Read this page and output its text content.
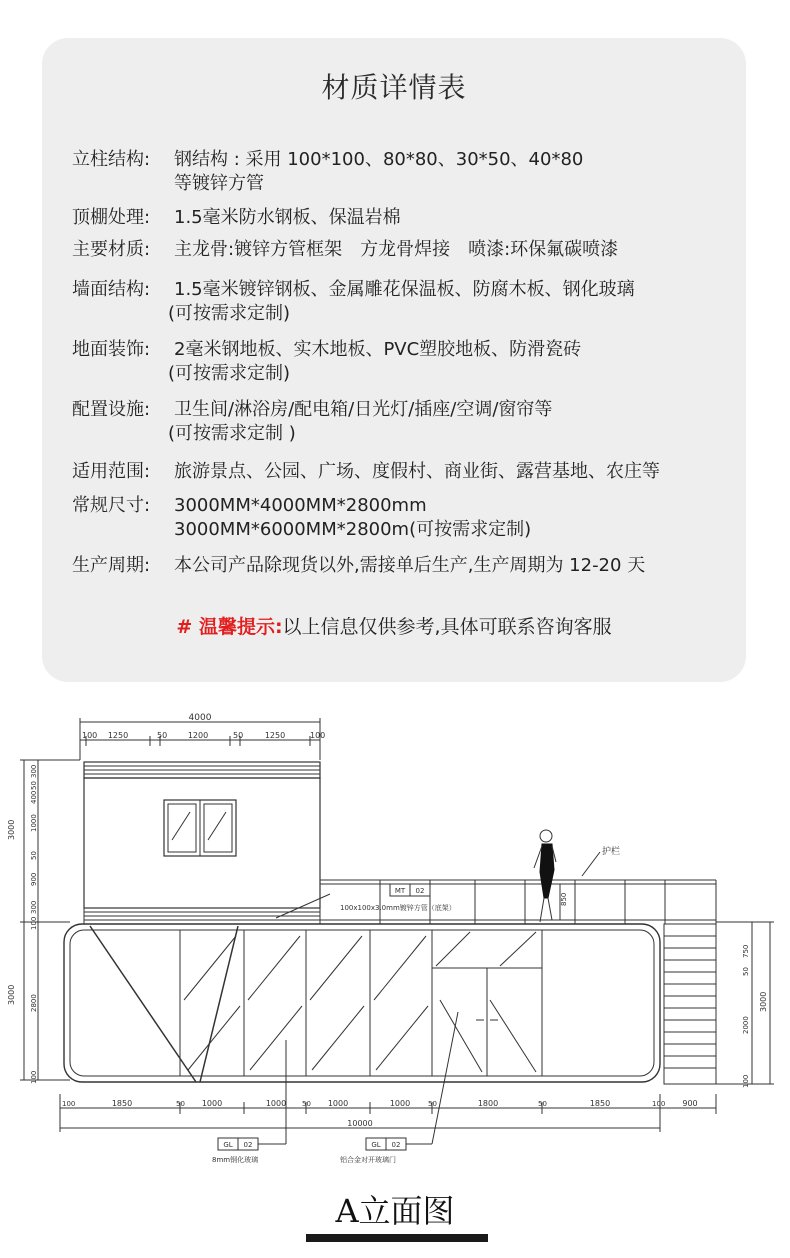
材质详情表
立柱结构: 钢结构 : 采用 100*100、80*80、30*50、40*80
等镀锌方管
顶棚处理: 1.5毫米防水钢板、保温岩棉
主要材质: 主龙骨:镀锌方管框架　方龙骨焊接　喷漆:环保氟碳喷漆
墙面结构: 1.5毫米镀锌钢板、金属雕花保温板、防腐木板、钢化玻璃
(可按需求定制)
地面装饰: 2毫米钢地板、实木地板、PVC塑胶地板、防滑瓷砖
(可按需求定制)
配置设施: 卫生间/淋浴房/配电箱/日光灯/插座/空调/窗帘等
(可按需求定制 )
适用范围: 旅游景点、公园、广场、度假村、商业街、露营基地、农庄等
常规尺寸: 3000MM*4000MM*2800mm
3000MM*6000MM*2800m(可按需求定制)
生产周期: 本公司产品除现货以外,需接单后生产,生产周期为 12-20 天
# 温馨提示:以上信息仅供参考,具体可联系咨询客服
4000
100 1250	50	1200	50	1250	100
3000
3000
300
50
400
1000
50
900
300
100
2800
100
850
护栏
750
50
2000
100
3000
100	1850	50 1000	1000 50 1000	1000	50	1800	50	1850	100 900
10000
MT 02
100x100x3.0mm镀锌方管（底架）
GL 02
8mm钢化玻璃
GL 02
铝合金对开玻璃门
A立面图
